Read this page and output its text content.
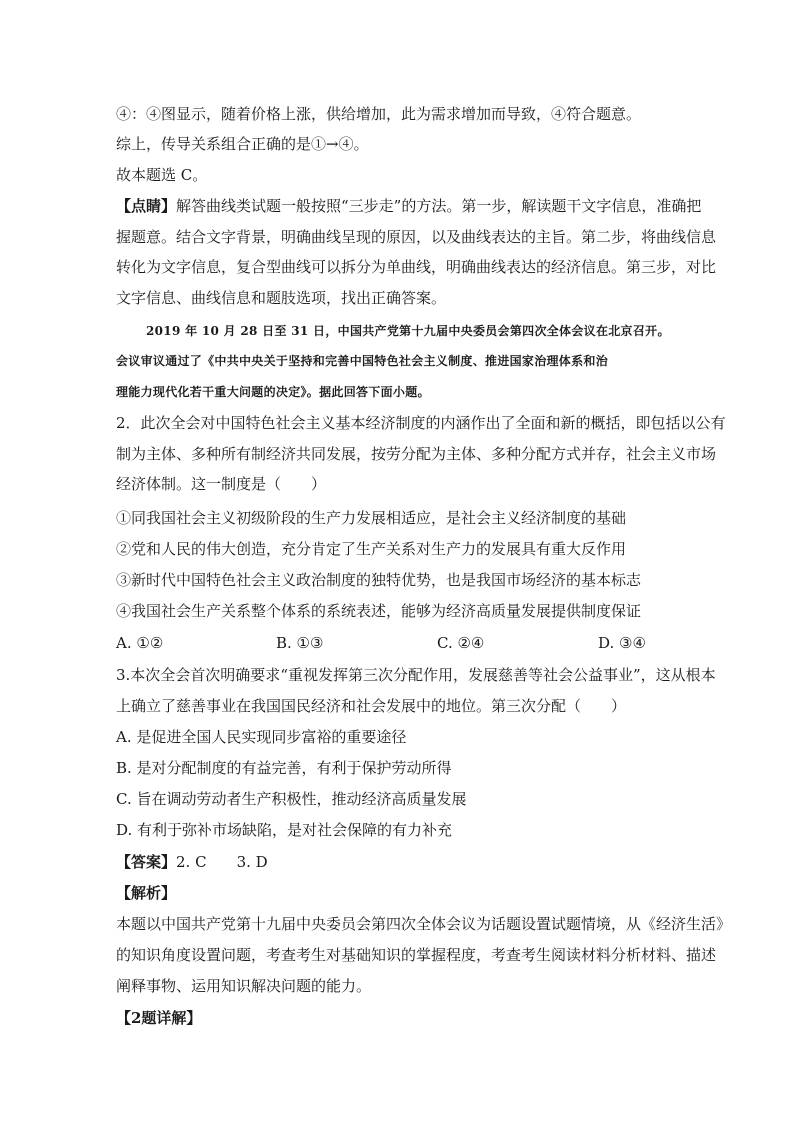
④：④图显示，随着价格上涨，供给增加，此为需求增加而导致，④符合题意。
综上，传导关系组合正确的是①→④。
故本题选 C。
【点睛】解答曲线类试题一般按照“三步走”的方法。第一步，解读题干文字信息，准确把
握题意。结合文字背景，明确曲线呈现的原因，以及曲线表达的主旨。第二步，将曲线信息
转化为文字信息，复合型曲线可以拆分为单曲线，明确曲线表达的经济信息。第三步，对比
文字信息、曲线信息和题肢选项，找出正确答案。
2019 年 10 月 28 日至 31 日，中国共产党第十九届中央委员会第四次全体会议在北京召开。
会议审议通过了《中共中央关于坚持和完善中国特色社会主义制度、推进国家治理体系和治
理能力现代化若干重大问题的决定》。据此回答下面小题。
2．此次全会对中国特色社会主义基本经济制度的内涵作出了全面和新的概括，即包括以公有
制为主体、多种所有制经济共同发展，按劳分配为主体、多种分配方式并存，社会主义市场
经济体制。这一制度是（　　）
①同我国社会主义初级阶段的生产力发展相适应，是社会主义经济制度的基础
②党和人民的伟大创造，充分肯定了生产关系对生产力的发展具有重大反作用
③新时代中国特色社会主义政治制度的独特优势，也是我国市场经济的基本标志
④我国社会生产关系整个体系的系统表述，能够为经济高质量发展提供制度保证
A. ①②	B. ①③	C. ②④	D. ③④
3.本次全会首次明确要求“重视发挥第三次分配作用，发展慈善等社会公益事业”，这从根本
上确立了慈善事业在我国国民经济和社会发展中的地位。第三次分配（　　）
A. 是促进全国人民实现同步富裕的重要途径
B. 是对分配制度的有益完善，有利于保护劳动所得
C. 旨在调动劳动者生产积极性，推动经济高质量发展
D. 有利于弥补市场缺陷，是对社会保障的有力补充
【答案】2. C　　3. D
【解析】
本题以中国共产党第十九届中央委员会第四次全体会议为话题设置试题情境，从《经济生活》
的知识角度设置问题，考查考生对基础知识的掌握程度，考查考生阅读材料分析材料、描述
阐释事物、运用知识解决问题的能力。
【2题详解】
